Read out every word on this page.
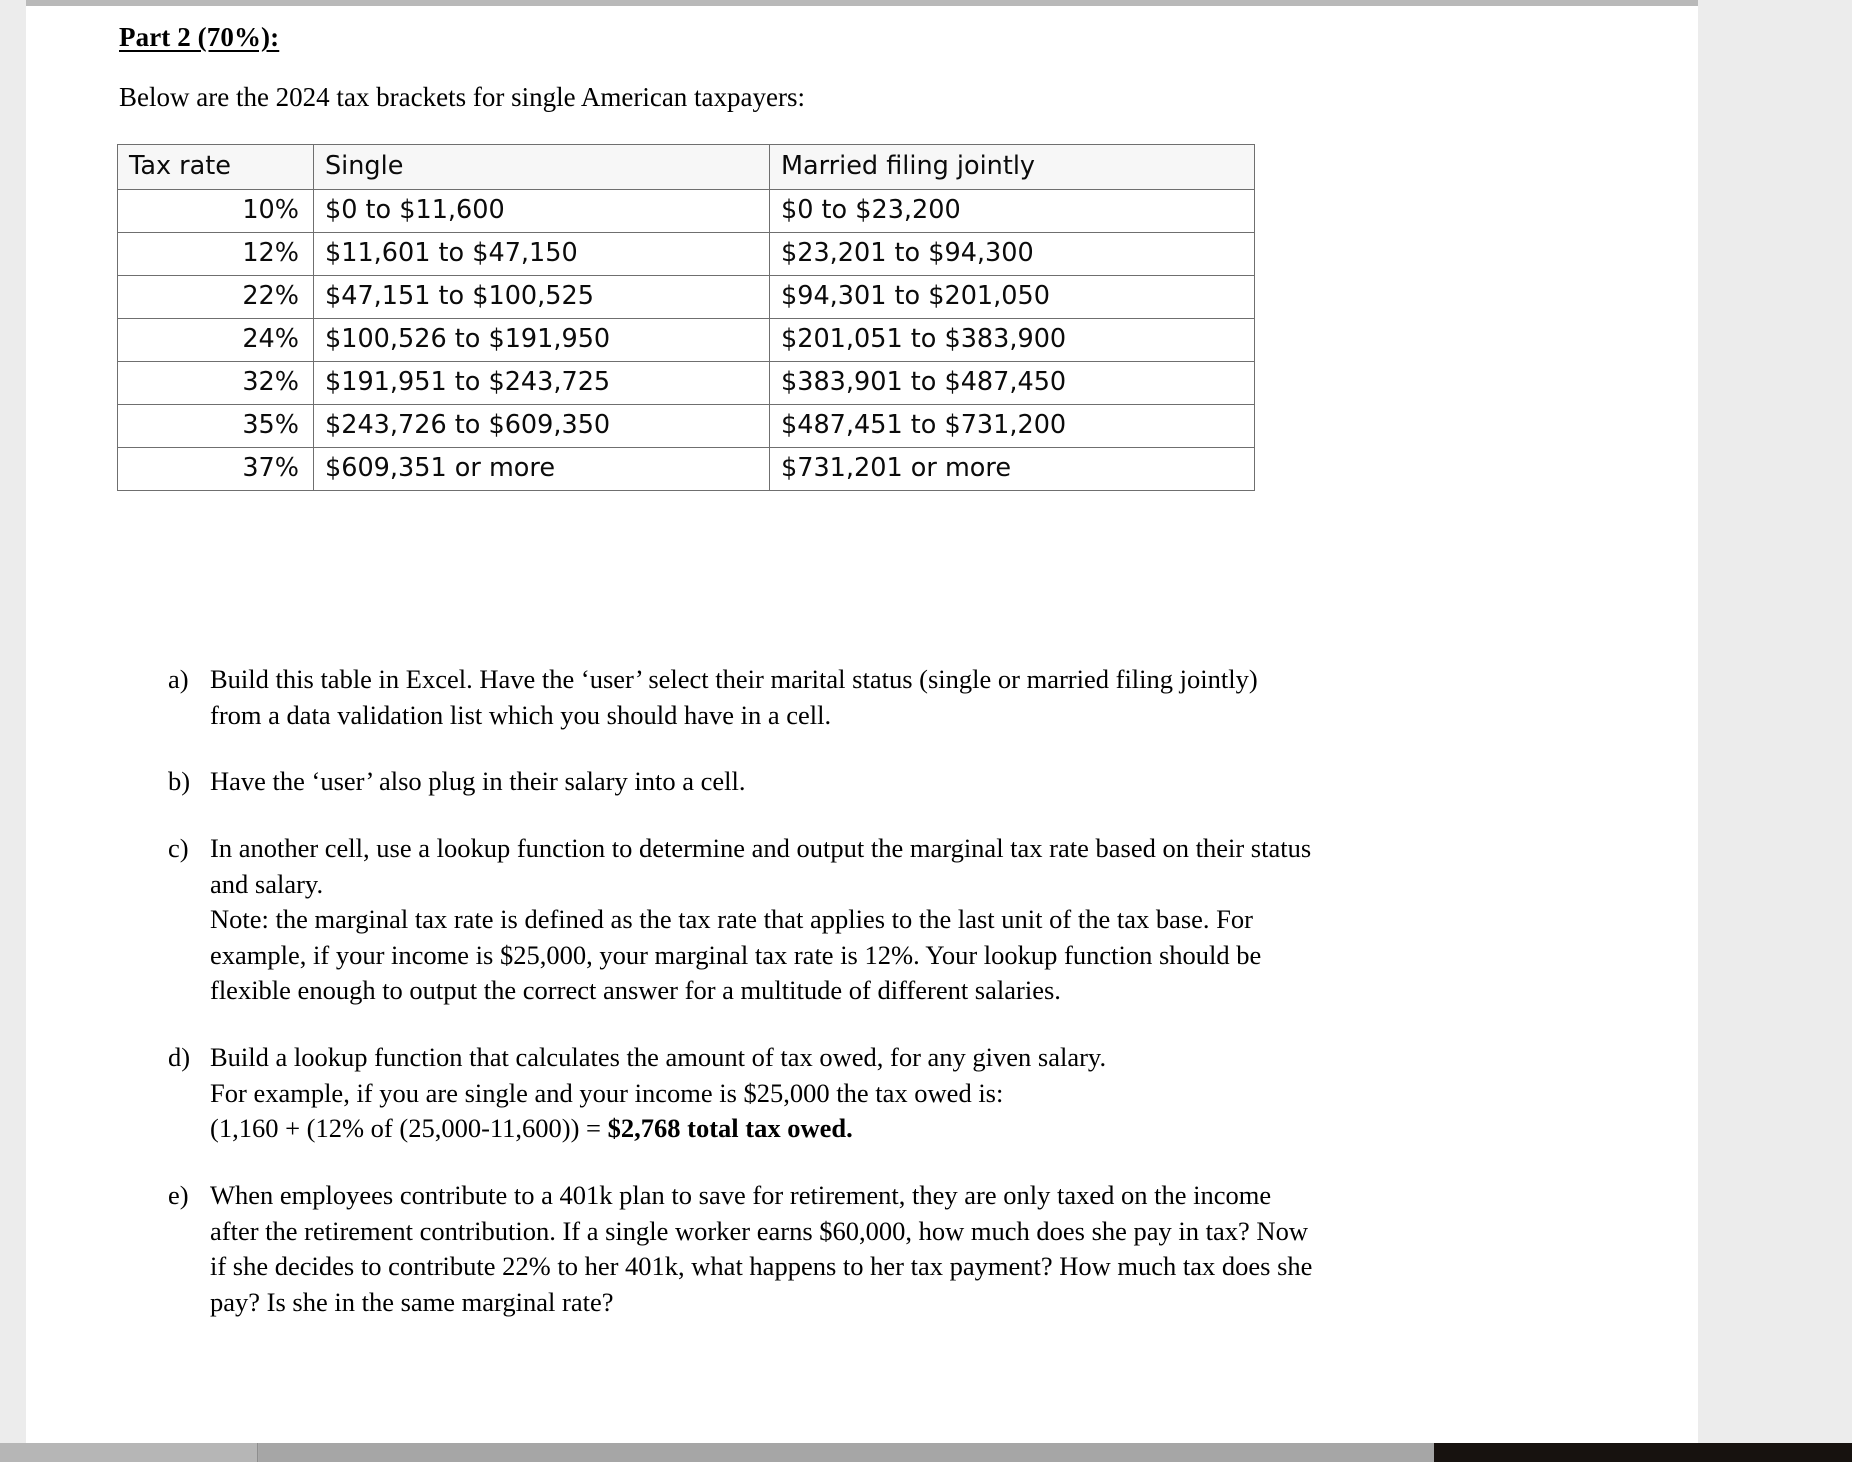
Part 2 (70%):
Below are the 2024 tax brackets for single American taxpayers:
Tax rate	Single	Married filing jointly
10%	$0 to $11,600	$0 to $23,200
12%	$11,601 to $47,150	$23,201 to $94,300
22%	$47,151 to $100,525	$94,301 to $201,050
24%	$100,526 to $191,950	$201,051 to $383,900
32%	$191,951 to $243,725	$383,901 to $487,450
35%	$243,726 to $609,350	$487,451 to $731,200
37%	$609,351 or more	$731,201 or more
a) Build this table in Excel. Have the ‘user’ select their marital status (single or married filing jointly)
from a data validation list which you should have in a cell.

b) Have the ‘user’ also plug in their salary into a cell.

c) In another cell, use a lookup function to determine and output the marginal tax rate based on their status
and salary.
Note: the marginal tax rate is defined as the tax rate that applies to the last unit of the tax base. For
example, if your income is $25,000, your marginal tax rate is 12%. Your lookup function should be
flexible enough to output the correct answer for a multitude of different salaries.

d) Build a lookup function that calculates the amount of tax owed, for any given salary.
For example, if you are single and your income is $25,000 the tax owed is:
(1,160 + (12% of (25,000-11,600)) = $2,768 total tax owed.

e) When employees contribute to a 401k plan to save for retirement, they are only taxed on the income
after the retirement contribution. If a single worker earns $60,000, how much does she pay in tax? Now
if she decides to contribute 22% to her 401k, what happens to her tax payment? How much tax does she
pay? Is she in the same marginal rate?
